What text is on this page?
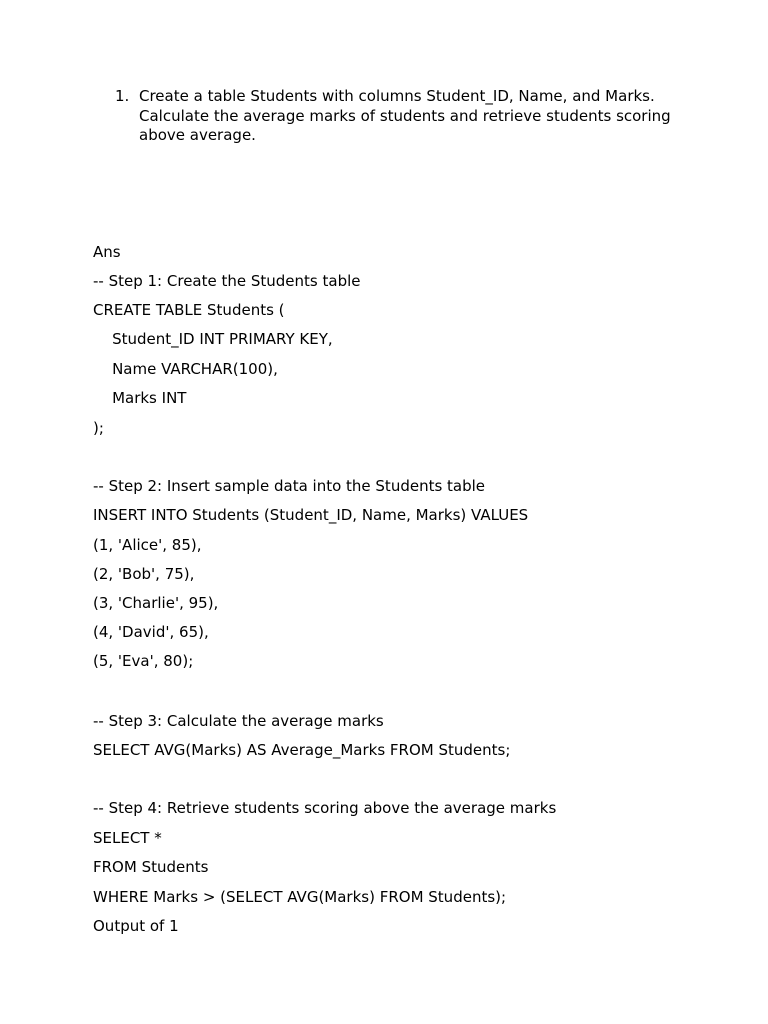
1. Create a table Students with columns Student_ID, Name, and Marks. Calculate the average marks of students and retrieve students scoring above average.
Ans
-- Step 1: Create the Students table
CREATE TABLE Students (
Student_ID INT PRIMARY KEY,
Name VARCHAR(100),
Marks INT
);
-- Step 2: Insert sample data into the Students table
INSERT INTO Students (Student_ID, Name, Marks) VALUES
(1, 'Alice', 85),
(2, 'Bob', 75),
(3, 'Charlie', 95),
(4, 'David', 65),
(5, 'Eva', 80);
-- Step 3: Calculate the average marks
SELECT AVG(Marks) AS Average_Marks FROM Students;
-- Step 4: Retrieve students scoring above the average marks
SELECT *
FROM Students
WHERE Marks > (SELECT AVG(Marks) FROM Students);
Output of 1
